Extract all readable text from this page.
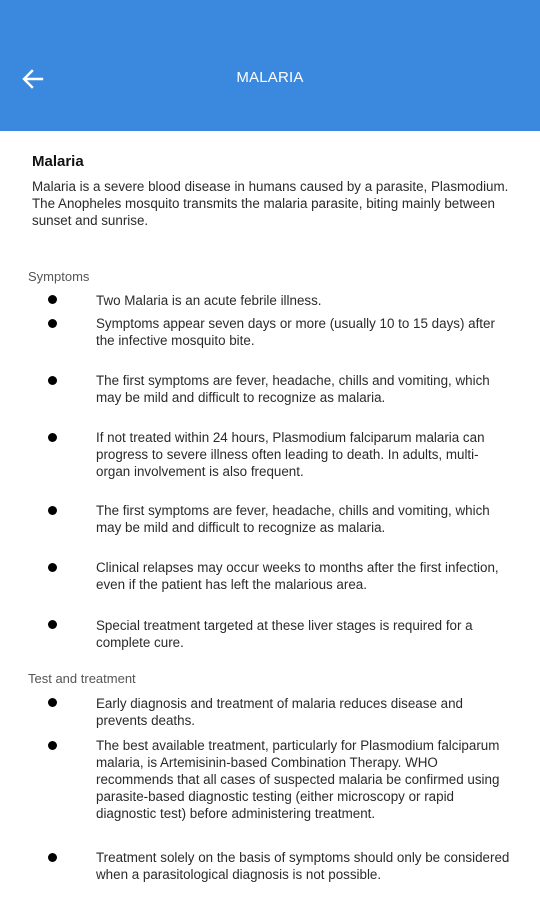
MALARIA
Malaria
Malaria is a severe blood disease in humans caused by a parasite, Plasmodium. The Anopheles mosquito transmits the malaria parasite, biting mainly between sunset and sunrise.
Symptoms
Two Malaria is an acute febrile illness.
Symptoms appear seven days or more (usually 10 to 15 days) after the infective mosquito bite.
The first symptoms are fever, headache, chills and vomiting, which may be mild and difficult to recognize as malaria.
If not treated within 24 hours, Plasmodium falciparum malaria can progress to severe illness often leading to death. In adults, multi-organ involvement is also frequent.
The first symptoms are fever, headache, chills and vomiting, which may be mild and difficult to recognize as malaria.
Clinical relapses may occur weeks to months after the first infection, even if the patient has left the malarious area.
Special treatment targeted at these liver stages is required for a complete cure.
Test and treatment
Early diagnosis and treatment of malaria reduces disease and prevents deaths.
The best available treatment, particularly for Plasmodium falciparum malaria, is Artemisinin-based Combination Therapy. WHO recommends that all cases of suspected malaria be confirmed using parasite-based diagnostic testing (either microscopy or rapid diagnostic test) before administering treatment.
Treatment solely on the basis of symptoms should only be considered when a parasitological diagnosis is not possible.
